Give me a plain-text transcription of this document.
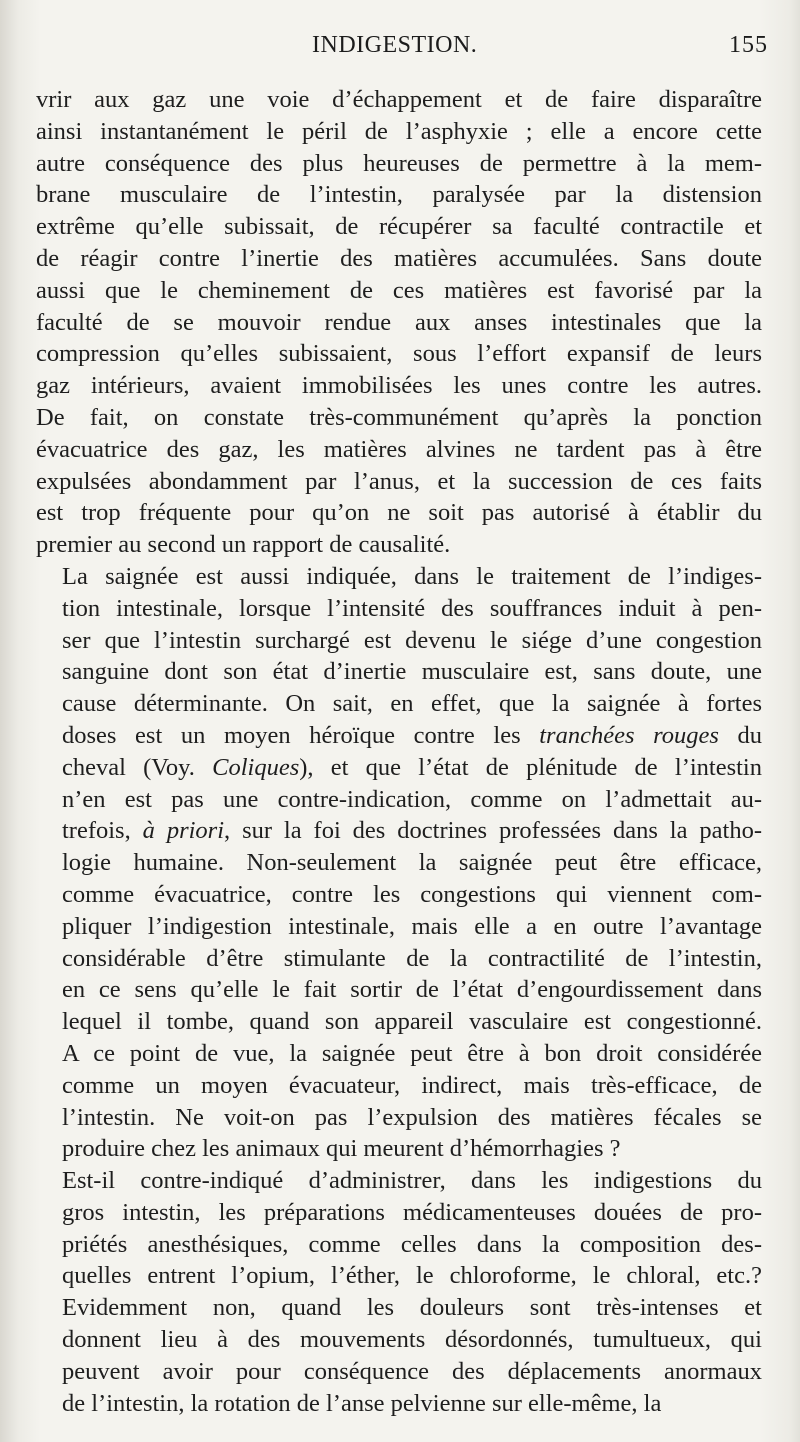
INDIGESTION.	155
vrir aux gaz une voie d’échappement et de faire disparaître
ainsi instantanément le péril de l’asphyxie ; elle a encore cette
autre conséquence des plus heureuses de permettre à la mem-
brane musculaire de l’intestin, paralysée par la distension
extrême qu’elle subissait, de récupérer sa faculté contractile et
de réagir contre l’inertie des matières accumulées. Sans doute
aussi que le cheminement de ces matières est favorisé par la
faculté de se mouvoir rendue aux anses intestinales que la
compression qu’elles subissaient, sous l’effort expansif de leurs
gaz intérieurs, avaient immobilisées les unes contre les autres.
De fait, on constate très-communément qu’après la ponction
évacuatrice des gaz, les matières alvines ne tardent pas à être
expulsées abondamment par l’anus, et la succession de ces faits
est trop fréquente pour qu’on ne soit pas autorisé à établir du
premier au second un rapport de causalité.
La saignée est aussi indiquée, dans le traitement de l’indiges-
tion intestinale, lorsque l’intensité des souffrances induit à pen-
ser que l’intestin surchargé est devenu le siége d’une congestion
sanguine dont son état d’inertie musculaire est, sans doute, une
cause déterminante. On sait, en effet, que la saignée à fortes
doses est un moyen héroïque contre les tranchées rouges du
cheval (Voy. Coliques), et que l’état de plénitude de l’intestin
n’en est pas une contre-indication, comme on l’admettait au-
trefois, à priori, sur la foi des doctrines professées dans la patho-
logie humaine. Non-seulement la saignée peut être efficace,
comme évacuatrice, contre les congestions qui viennent com-
pliquer l’indigestion intestinale, mais elle a en outre l’avantage
considérable d’être stimulante de la contractilité de l’intestin,
en ce sens qu’elle le fait sortir de l’état d’engourdissement dans
lequel il tombe, quand son appareil vasculaire est congestionné.
A ce point de vue, la saignée peut être à bon droit considérée
comme un moyen évacuateur, indirect, mais très-efficace, de
l’intestin. Ne voit-on pas l’expulsion des matières fécales se
produire chez les animaux qui meurent d’hémorrhagies ?
Est-il contre-indiqué d’administrer, dans les indigestions du
gros intestin, les préparations médicamenteuses douées de pro-
priétés anesthésiques, comme celles dans la composition des-
quelles entrent l’opium, l’éther, le chloroforme, le chloral, etc.?
Evidemment non, quand les douleurs sont très-intenses et
donnent lieu à des mouvements désordonnés, tumultueux, qui
peuvent avoir pour conséquence des déplacements anormaux
de l’intestin, la rotation de l’anse pelvienne sur elle-même, la
